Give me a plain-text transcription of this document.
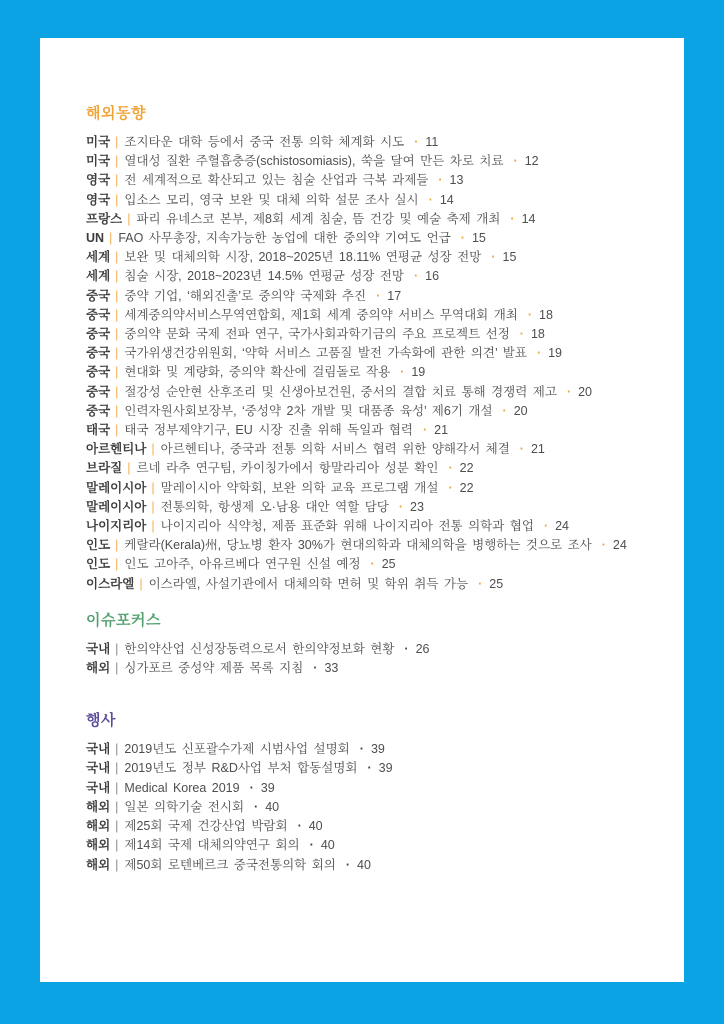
해외동향
미국 | 조지타운 대학 등에서 중국 전통 의학 체계화 시도 · 11
미국 | 열대성 질환 주혈흡충증(schistosomiasis), 쑥을 달여 만든 차로 치료 · 12
영국 | 전 세계적으로 확산되고 있는 침술 산업과 극복 과제들 · 13
영국 | 입소스 모리, 영국 보완 및 대체 의학 설문 조사 실시 · 14
프랑스 | 파리 유네스코 본부, 제8회 세계 침술, 뜸 건강 및 예술 축제 개최 · 14
UN | FAO 사무총장, 지속가능한 농업에 대한 중의약 기여도 언급 · 15
세계 | 보완 및 대체의학 시장, 2018~2025년 18.11% 연평균 성장 전망 · 15
세계 | 침술 시장, 2018~2023년 14.5% 연평균 성장 전망 · 16
중국 | 중약 기업, ‘해외진출’로 중의약 국제화 추진 · 17
중국 | 세계중의약서비스무역연합회, 제1회 세계 중의약 서비스 무역대회 개최 · 18
중국 | 중의약 문화 국제 전파 연구, 국가사회과학기금의 주요 프로젝트 선정 · 18
중국 | 국가위생건강위원회, ‘약학 서비스 고품질 발전 가속화에 관한 의견’ 발표 · 19
중국 | 현대화 및 계량화, 중의약 확산에 걸림돌로 작용 · 19
중국 | 절강성 순안현 산후조리 및 신생아보건원, 중서의 결합 치료 통해 경쟁력 제고 · 20
중국 | 인력자원사회보장부, ‘중성약 2차 개발 및 대품종 육성’ 제6기 개설 · 20
태국 | 태국 정부제약기구, EU 시장 진출 위해 독일과 협력 · 21
아르헨티나 | 아르헨티나, 중국과 전통 의학 서비스 협력 위한 양해각서 체결 · 21
브라질 | 르네 라추 연구팀, 카이칭가에서 항말라리아 성분 확인 · 22
말레이시아 | 말레이시아 약학회, 보완 의학 교육 프로그램 개설 · 22
말레이시아 | 전통의학, 항생제 오·남용 대안 역할 담당 · 23
나이지리아 | 나이지리아 식약청, 제품 표준화 위해 나이지리아 전통 의학과 협업 · 24
인도 | 케랄라(Kerala)州, 당뇨병 환자 30%가 현대의학과 대체의학을 병행하는 것으로 조사 · 24
인도 | 인도 고아주, 아유르베다 연구원 신설 예정 · 25
이스라엘 | 이스라엘, 사설기관에서 대체의학 면허 및 학위 취득 가능 · 25
이슈포커스
국내 | 한의약산업 신성장동력으로서 한의약정보화 현황 · 26
해외 | 싱가포르 중성약 제품 목록 지침 · 33
행사
국내 | 2019년도 신포괄수가제 시범사업 설명회 · 39
국내 | 2019년도 정부 R&D사업 부처 합동설명회 · 39
국내 | Medical Korea 2019 · 39
해외 | 일본 의학기술 전시회 · 40
해외 | 제25회 국제 건강산업 박람회 · 40
해외 | 제14회 국제 대체의약연구 회의 · 40
해외 | 제50회 로텐베르크 중국전통의학 회의 · 40
